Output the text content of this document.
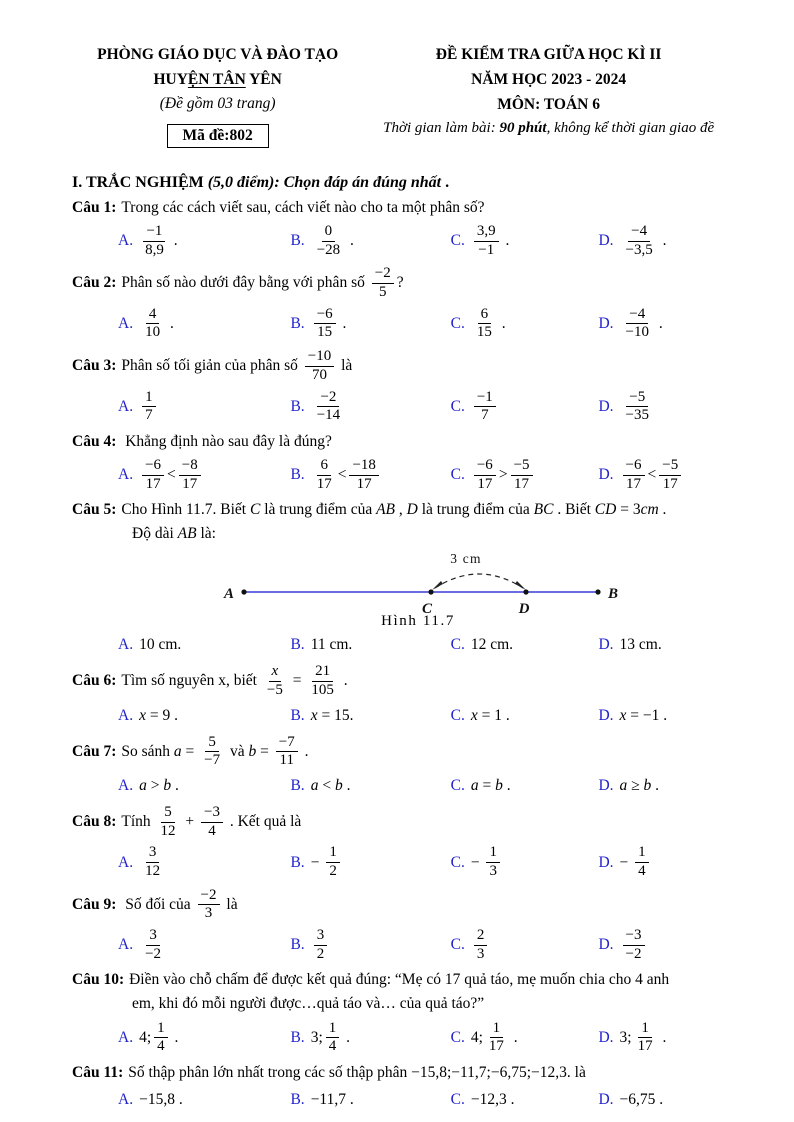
PHÒNG GIÁO DỤC VÀ ĐÀO TẠO
HUYỆN TÂN YÊN
(Đề gồm 03 trang)
Mã đề:802
ĐỀ KIỂM TRA GIỮA HỌC KÌ II
NĂM HỌC 2023 - 2024
MÔN: TOÁN 6
Thời gian làm bài: 90 phút, không kể thời gian giao đề
I. TRẮC NGHIỆM (5,0 điểm): Chọn đáp án đúng nhất .
Câu 1: Trong các cách viết sau, cách viết nào cho ta một phân số?
A. $\frac{-1}{8,9}$ .	B. $\frac{0}{-28}$ .	C. $\frac{3,9}{-1}$ .	D. $\frac{-4}{-3,5}$ .
Câu 2: Phân số nào dưới đây bằng với phân số $\frac{-2}{5}$ ?
A. $\frac{4}{10}$ .	B. $\frac{-6}{15}$ .	C. $\frac{6}{15}$ .	D. $\frac{-4}{-10}$ .
Câu 3: Phân số tối giản của phân số $\frac{-10}{70}$ là
A. $\frac{1}{7}$	B. $\frac{-2}{-14}$	C. $\frac{-1}{7}$	D. $\frac{-5}{-35}$
Câu 4: Khẳng định nào sau đây là đúng?
A. $\frac{-6}{17} < \frac{-8}{17}$	B. $\frac{6}{17} < \frac{-18}{17}$	C. $\frac{-6}{17} > \frac{-5}{17}$	D. $\frac{-6}{17} < \frac{-5}{17}$
Câu 5: Cho Hình 11.7. Biết C là trung điểm của AB , D là trung điểm của BC . Biết CD = 3 cm .
Độ dài AB là:
3 cm
A	B
C	D
Hình 11.7
A. 10 cm.	B. 11 cm.	C. 12 cm.	D. 13 cm.
Câu 6: Tìm số nguyên x, biết $\frac{x}{-5} = \frac{21}{105}$ .
A. x = 9 .	B. x = 15.	C. x = 1 .	D. x = −1 .
Câu 7: So sánh $a = \frac{5}{-7}$ và $b = \frac{-7}{11}$ .
A. a > b .	B. a < b .	C. a = b .	D. a ≥ b .
Câu 8: Tính $\frac{5}{12} + \frac{-3}{4}$ . Kết quả là
A. $\frac{3}{12}$	B. − $\frac{1}{2}$	C. − $\frac{1}{3}$	D. − $\frac{1}{4}$
Câu 9: Số đối của $\frac{-2}{3}$ là
A. $\frac{3}{-2}$	B. $\frac{3}{2}$	C. $\frac{2}{3}$	D. $\frac{-3}{-2}$
Câu 10: Điền vào chỗ chấm để được kết quả đúng: “Mẹ có 17 quả táo, mẹ muốn chia cho 4 anh
em, khi đó mỗi người được…quả táo và… của quả táo?”
A. 4; $\frac{1}{4}$ .	B. 3; $\frac{1}{4}$ .	C. 4; $\frac{1}{17}$ .	D. 3; $\frac{1}{17}$ .
Câu 11: Số thập phân lớn nhất trong các số thập phân −15,8;−11,7;−6,75;−12,3. là
A. −15,8 .	B. −11,7 .	C. −12,3 .	D. −6,75 .
